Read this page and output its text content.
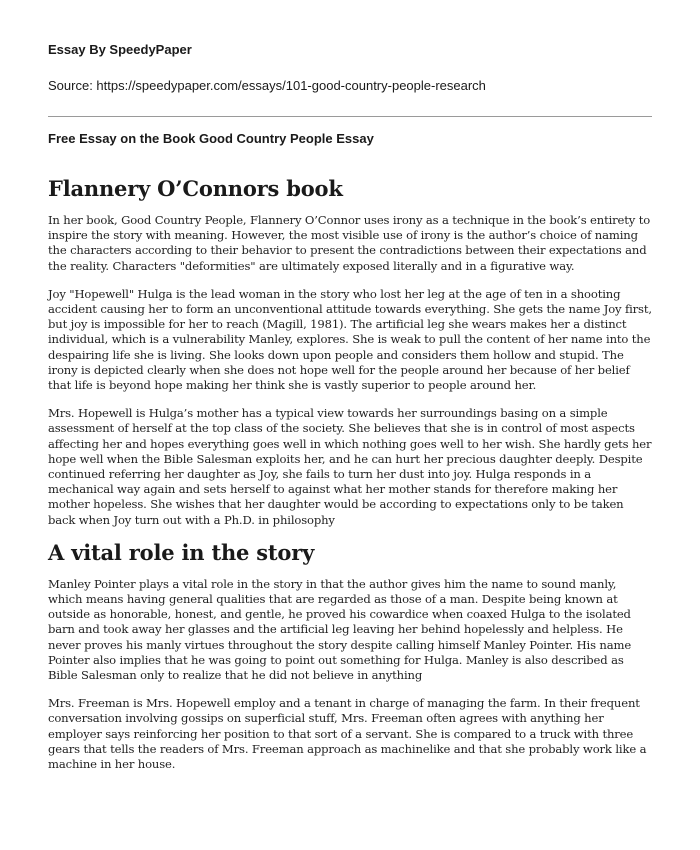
Essay By SpeedyPaper
Source: https://speedypaper.com/essays/101-good-country-people-research
Free Essay on the Book Good Country People Essay
Flannery O’Connors book

In her book, Good Country People, Flannery O’Connor uses irony as a technique in the book’s entirety to inspire the story with meaning. However, the most visible use of irony is the author’s choice of naming the characters according to their behavior to present the contradictions between their expectations and the reality. Characters "deformities" are ultimately exposed literally and in a figurative way.

Joy "Hopewell" Hulga is the lead woman in the story who lost her leg at the age of ten in a shooting accident causing her to form an unconventional attitude towards everything. She gets the name Joy first, but joy is impossible for her to reach (Magill, 1981). The artificial leg she wears makes her a distinct individual, which is a vulnerability Manley, explores. She is weak to pull the content of her name into the despairing life she is living. She looks down upon people and considers them hollow and stupid. The irony is depicted clearly when she does not hope well for the people around her because of her belief that life is beyond hope making her think she is vastly superior to people around her.

Mrs. Hopewell is Hulga’s mother has a typical view towards her surroundings basing on a simple assessment of herself at the top class of the society. She believes that she is in control of most aspects affecting her and hopes everything goes well in which nothing goes well to her wish. She hardly gets her hope well when the Bible Salesman exploits her, and he can hurt her precious daughter deeply. Despite continued referring her daughter as Joy, she fails to turn her dust into joy. Hulga responds in a mechanical way again and sets herself to against what her mother stands for therefore making her mother hopeless. She wishes that her daughter would be according to expectations only to be taken back when Joy turn out with a Ph.D. in philosophy

A vital role in the story

Manley Pointer plays a vital role in the story in that the author gives him the name to sound manly, which means having general qualities that are regarded as those of a man. Despite being known at outside as honorable, honest, and gentle, he proved his cowardice when coaxed Hulga to the isolated barn and took away her glasses and the artificial leg leaving her behind hopelessly and helpless. He never proves his manly virtues throughout the story despite calling himself Manley Pointer. His name Pointer also implies that he was going to point out something for Hulga. Manley is also described as Bible Salesman only to realize that he did not believe in anything

Mrs. Freeman is Mrs. Hopewell employ and a tenant in charge of managing the farm. In their frequent conversation involving gossips on superficial stuff, Mrs. Freeman often agrees with anything her employer says reinforcing her position to that sort of a servant. She is compared to a truck with three gears that tells the readers of Mrs. Freeman approach as machinelike and that she probably work like a machine in her house.
